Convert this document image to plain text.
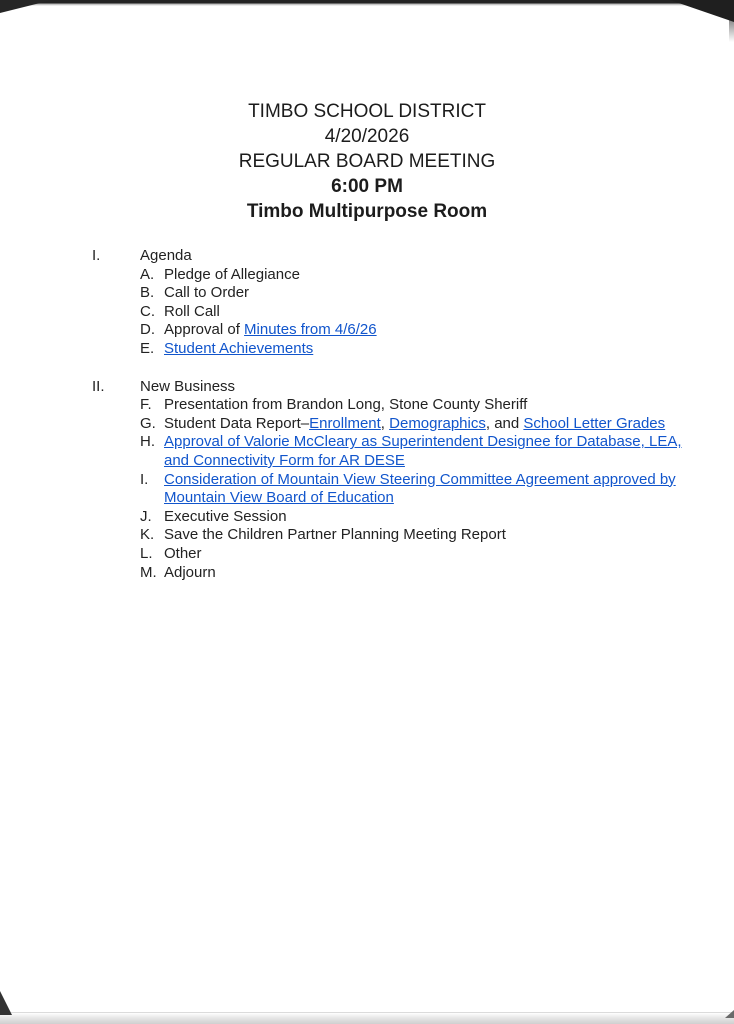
TIMBO SCHOOL DISTRICT
4/20/2026
REGULAR BOARD MEETING
6:00 PM
Timbo Multipurpose Room
I.	Agenda
A. Pledge of Allegiance
B. Call to Order
C. Roll Call
D. Approval of Minutes from 4/6/26
E. Student Achievements
II. New Business
F. Presentation from Brandon Long, Stone County Sheriff
G. Student Data Report–Enrollment, Demographics, and School Letter Grades
H. Approval of Valorie McCleary as Superintendent Designee for Database, LEA, and Connectivity Form for AR DESE
I.	Consideration of Mountain View Steering Committee Agreement approved by Mountain View Board of Education
J. Executive Session
K. Save the Children Partner Planning Meeting Report
L. Other
M. Adjourn
